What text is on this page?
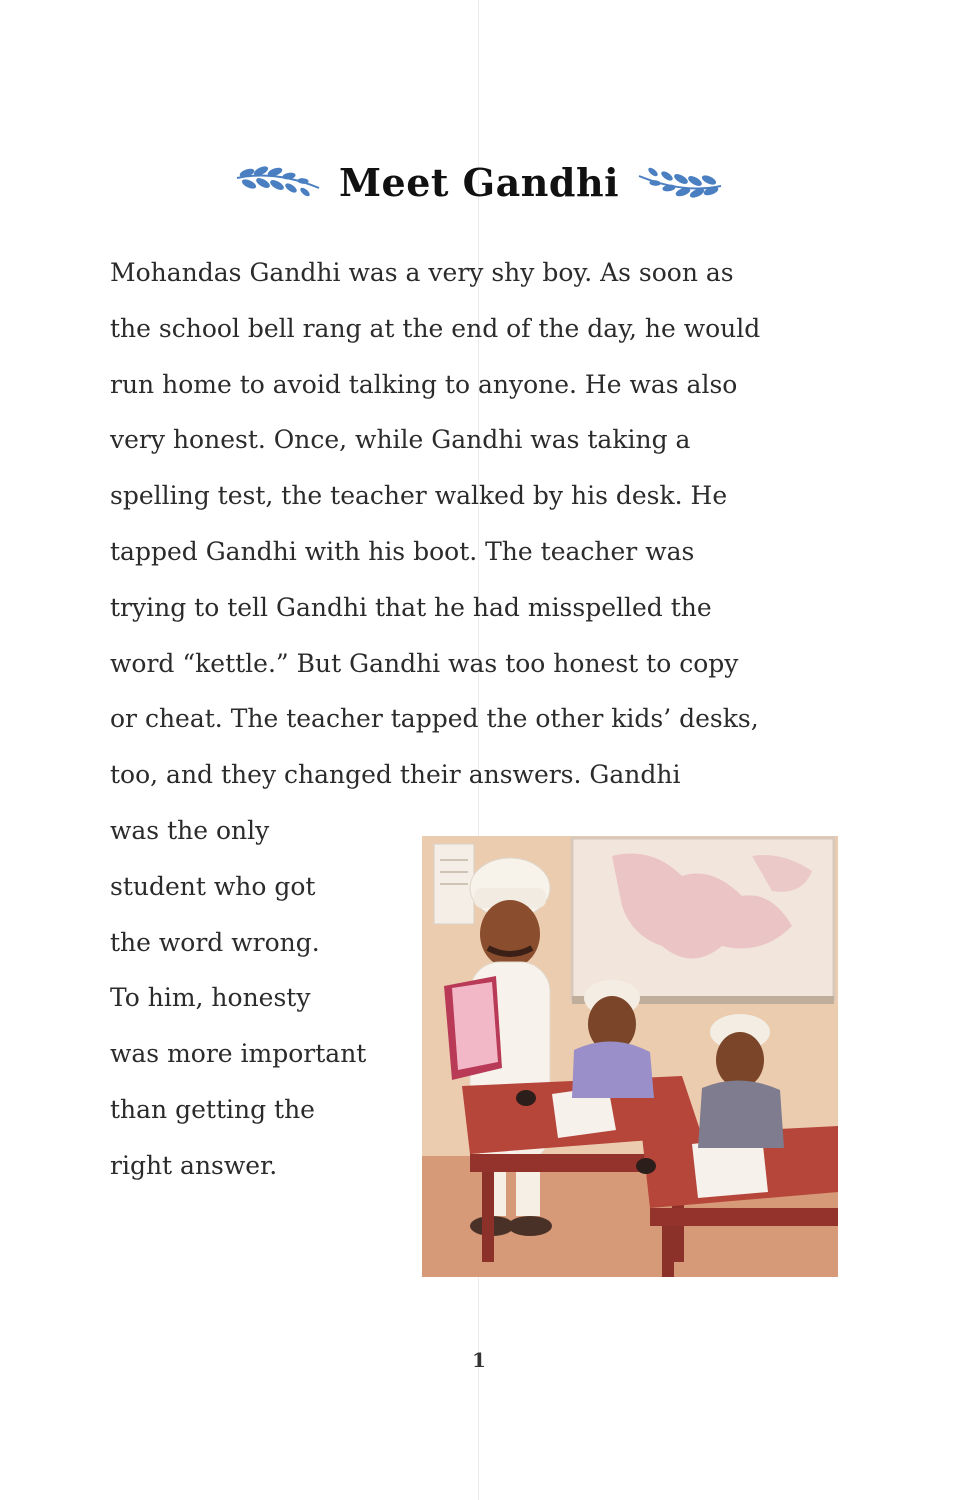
Meet Gandhi
Mohandas Gandhi was a very shy boy. As soon as
the school bell rang at the end of the day, he would
run home to avoid talking to anyone. He was also
very honest. Once, while Gandhi was taking a
spelling test, the teacher walked by his desk. He
tapped Gandhi with his boot. The teacher was
trying to tell Gandhi that he had misspelled the
word “kettle.” But Gandhi was too honest to copy
or cheat. The teacher tapped the other kids’ desks,
too, and they changed their answers. Gandhi
was the only
student who got
the word wrong.
To him, honesty
was more important
than getting the
right answer.
1
